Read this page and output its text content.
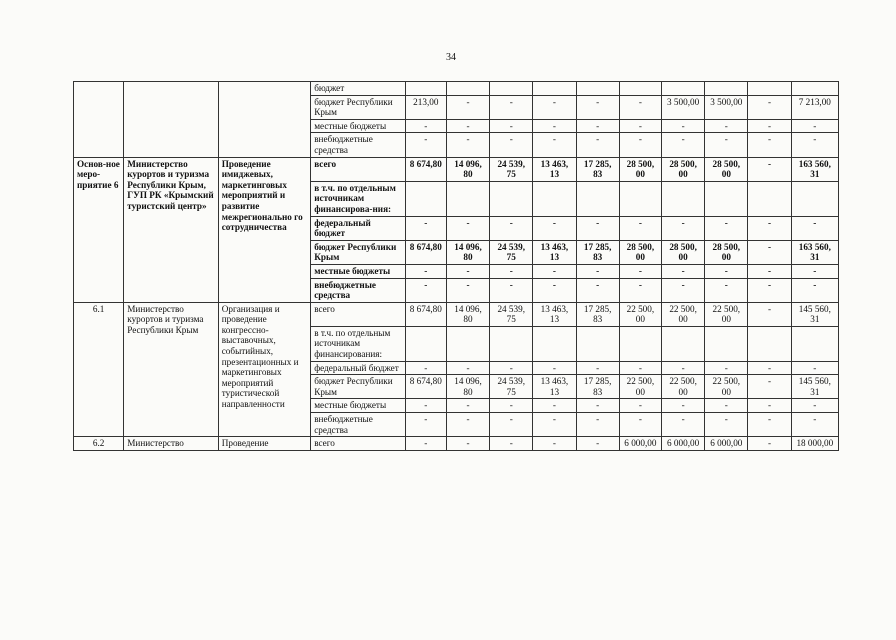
34
			бюджет										
			бюджет Республики Крым	213,00	-	-	-	-	-	3 500,00	3 500,00	-	7 213,00
			местные бюджеты	-	-	-	-	-	-	-	-	-	-
			внебюджетные средства	-	-	-	-	-	-	-	-	-	-
Основ-ное меро-приятие 6	Министерство курортов и туризма Республики Крым, ГУП РК «Крымский туристский центр»	Проведение имиджевых, маркетинговых мероприятий и развитие межрегионально го сотрудничества	всего	8 674,80	14 096, 80	24 539, 75	13 463, 13	17 285, 83	28 500, 00	28 500, 00	28 500, 00	-	163 560, 31
			в т.ч. по отдельным источникам финансирова-ния:										
			федеральный бюджет	-	-	-	-	-	-	-	-	-	-
			бюджет Республики Крым	8 674,80	14 096, 80	24 539, 75	13 463, 13	17 285, 83	28 500, 00	28 500, 00	28 500, 00	-	163 560, 31
			местные бюджеты	-	-	-	-	-	-	-	-	-	-
			внебюджетные средства	-	-	-	-	-	-	-	-	-	-
6.1	Министерство курортов и туризма Республики Крым	Организация и проведение конгрессно-выставочных, событийных, презентационных и маркетинговых мероприятий туристической направленности	всего	8 674,80	14 096, 80	24 539, 75	13 463, 13	17 285, 83	22 500, 00	22 500, 00	22 500, 00	-	145 560, 31
			в т.ч. по отдельным источникам финансирования:										
			федеральный бюджет	-	-	-	-	-	-	-	-	-	-
			бюджет Республики Крым	8 674,80	14 096, 80	24 539, 75	13 463, 13	17 285, 83	22 500, 00	22 500, 00	22 500, 00	-	145 560, 31
			местные бюджеты	-	-	-	-	-	-	-	-	-	-
			внебюджетные средства	-	-	-	-	-	-	-	-	-	-
6.2	Министерство	Проведение	всего	-	-	-	-	-	6 000,00	6 000,00	6 000,00	-	18 000,00
